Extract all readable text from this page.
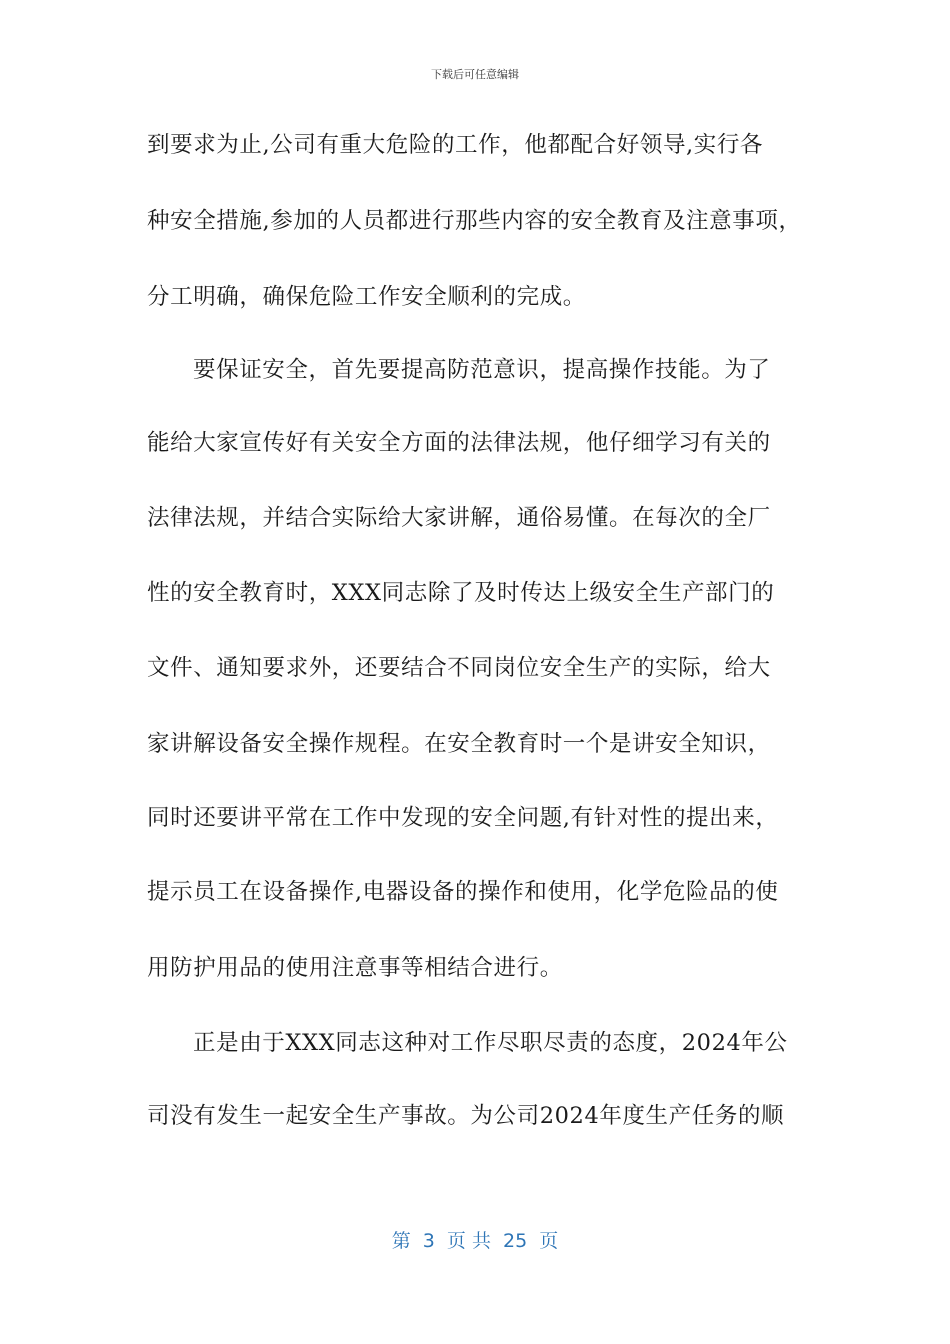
下载后可任意编辑
到要求为止,公司有重大危险的工作，他都配合好领导,实行各
种安全措施,参加的人员都进行那些内容的安全教育及注意事项，
分工明确，确保危险工作安全顺利的完成。
要保证安全，首先要提高防范意识，提高操作技能。为了
能给大家宣传好有关安全方面的法律法规，他仔细学习有关的
法律法规，并结合实际给大家讲解，通俗易懂。在每次的全厂
性的安全教育时，XXX同志除了及时传达上级安全生产部门的
文件、通知要求外，还要结合不同岗位安全生产的实际，给大
家讲解设备安全操作规程。在安全教育时一个是讲安全知识，
同时还要讲平常在工作中发现的安全问题,有针对性的提出来，
提示员工在设备操作,电器设备的操作和使用，化学危险品的使
用防护用品的使用注意事等相结合进行。
正是由于XXX同志这种对工作尽职尽责的态度，2024年公
司没有发生一起安全生产事故。为公司2024年度生产任务的顺
第  3  页 共  25  页
